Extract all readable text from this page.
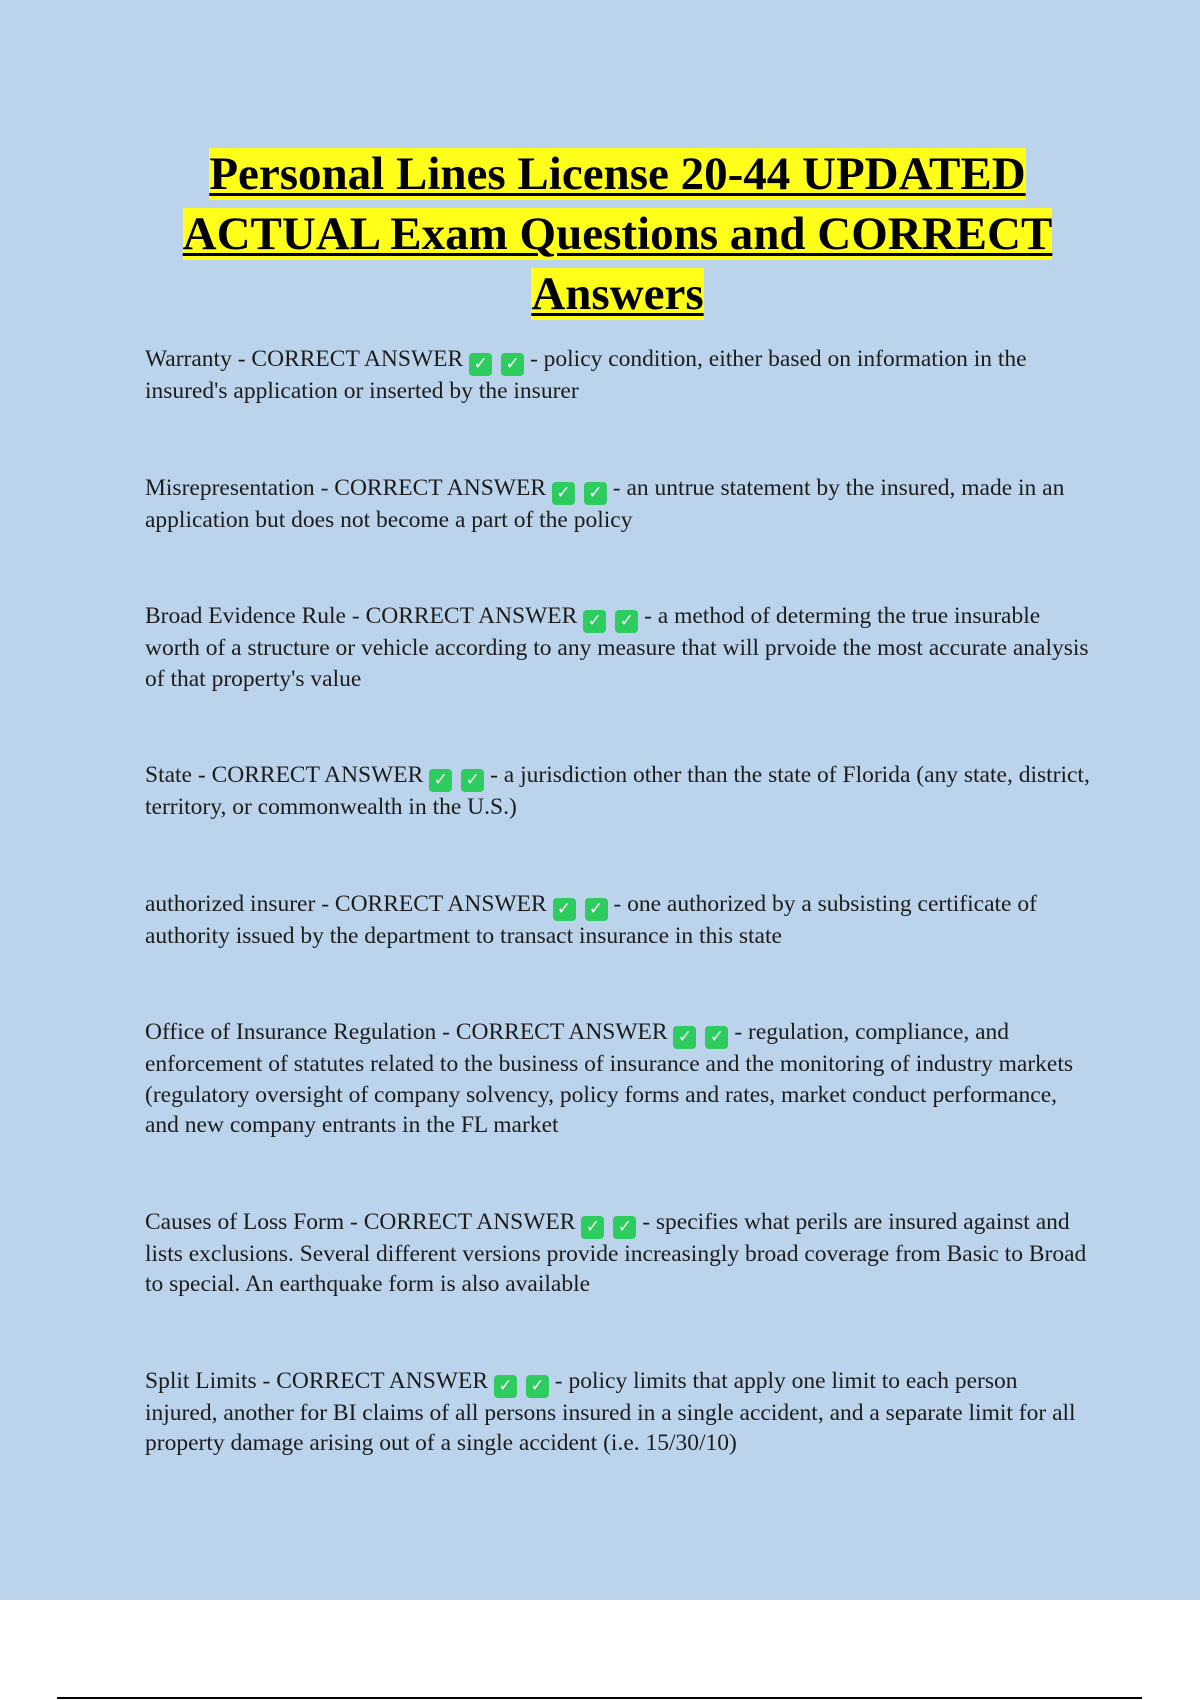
Personal Lines License 20-44 UPDATED ACTUAL Exam Questions and CORRECT Answers
Warranty - CORRECT ANSWER ✓ ✓ - policy condition, either based on information in the insured's application or inserted by the insurer
Misrepresentation - CORRECT ANSWER ✓ ✓ - an untrue statement by the insured, made in an application but does not become a part of the policy
Broad Evidence Rule - CORRECT ANSWER ✓ ✓ - a method of determing the true insurable worth of a structure or vehicle according to any measure that will prvoide the most accurate analysis of that property's value
State - CORRECT ANSWER ✓ ✓ - a jurisdiction other than the state of Florida (any state, district, territory, or commonwealth in the U.S.)
authorized insurer - CORRECT ANSWER ✓ ✓ - one authorized by a subsisting certificate of authority issued by the department to transact insurance in this state
Office of Insurance Regulation - CORRECT ANSWER ✓ ✓ - regulation, compliance, and enforcement of statutes related to the business of insurance and the monitoring of industry markets (regulatory oversight of company solvency, policy forms and rates, market conduct performance, and new company entrants in the FL market
Causes of Loss Form - CORRECT ANSWER ✓ ✓ - specifies what perils are insured against and lists exclusions. Several different versions provide increasingly broad coverage from Basic to Broad to special. An earthquake form is also available
Split Limits - CORRECT ANSWER ✓ ✓ - policy limits that apply one limit to each person injured, another for BI claims of all persons insured in a single accident, and a separate limit for all property damage arising out of a single accident (i.e. 15/30/10)
